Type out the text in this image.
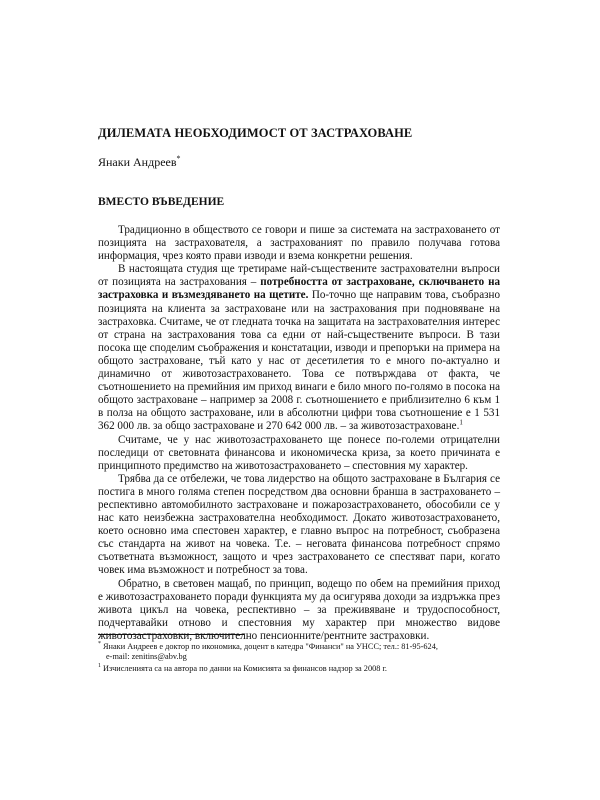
ДИЛЕМАТА НЕОБХОДИМОСТ ОТ ЗАСТРАХОВАНЕ
Янаки Андреев*
ВМЕСТО ВЪВЕДЕНИЕ

Традиционно в обществото се говори и пише за системата на застраховането от позицията на застрахователя, а застрахованият по правило получава готова информация, чрез която прави изводи и взема конкретни решения.

В настоящата студия ще третираме най-съществените застрахователни въпроси от позицията на застрахования – потребността от застраховане, сключването на застраховка и възмездяването на щетите. По-точно ще направим това, съобразно позицията на клиента за застраховане или на застрахования при подновяване на застраховка. Считаме, че от гледната точка на защитата на застрахователния интерес от страна на застрахования това са едни от най-съществените въпроси. В тази посока ще споделим съображения и констатации, изводи и препоръки на примера на общото застраховане, тъй като у нас от десетилетия то е много по-актуално и динамично от животозастраховането. Това се потвърждава от факта, че съотношението на премийния им приход винаги е било много по-голямо в посока на общото застраховане – например за 2008 г. съотношението е приблизително 6 към 1 в полза на общото застраховане, или в абсолютни цифри това съотношение е 1 531 362 000 лв. за общо застраховане и 270 642 000 лв. – за животозастраховане.$^1$

Считаме, че у нас животозастраховането ще понесе по-големи отрицателни последици от световната финансова и икономическа криза, за което причината е принципното предимство на животозастраховането – спестовния му характер.

Трябва да се отбележи, че това лидерство на общото застраховане в България се постига в много голяма степен посредством два основни бранша в застраховането – респективно автомобилното застраховане и пожарозастраховането, обособили се у нас като неизбежна застрахователна необходимост. Докато животозастраховането, което основно има спестовен характер, е главно въпрос на потребност, съобразена със стандарта на живот на човека. Т.е. – неговата финансова потребност спрямо съответната възможност, защото и чрез застраховането се спестяват пари, когато човек има възможност и потребност за това.

Обратно, в световен мащаб, по принцип, водещо по обем на премийния приход е животозастраховането поради функцията му да осигурява доходи за издръжка през живота цикъл на човека, респективно – за преживяване и трудоспособност, подчертавайки отново и спестовния му характер при множество видове животозастраховки, включително пенсионните/рентните застраховки.

* Янаки Андреев е доктор по икономика, доцент в катедра "Финанси" на УНСС; тел.: 81-95-624,
e-mail: zenitins@abv.bg
$^1$ Изчисленията са на автора по данни на Комисията за финансов надзор за 2008 г.
